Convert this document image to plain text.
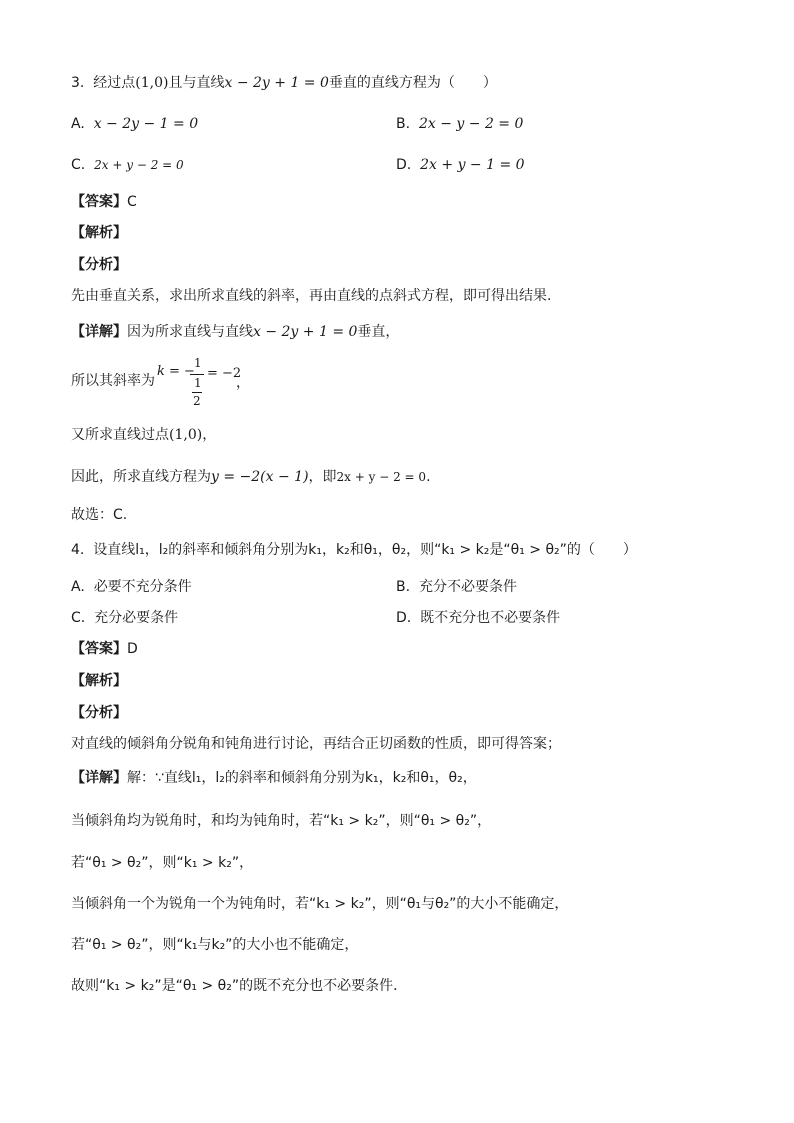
3. 经过点(1,0)且与直线x − 2y + 1 = 0垂直的直线方程为（　　）
A. x − 2y − 1 = 0	B. 2x − y − 2 = 0
C. 2x + y − 2 = 0	D. 2x + y − 1 = 0
【答案】C
【解析】
【分析】
先由垂直关系，求出所求直线的斜率，再由直线的点斜式方程，即可得出结果.
【详解】因为所求直线与直线x − 2y + 1 = 0垂直，
所以其斜率为
k = −
1
1
2
= −2
，
又所求直线过点(1,0)，
因此，所求直线方程为y = −2(x − 1)，即2x + y − 2 = 0.
故选：C.
4. 设直线l₁，l₂的斜率和倾斜角分别为k₁，k₂和θ₁，θ₂，则“k₁ > k₂是“θ₁ > θ₂”的（　　）
A. 必要不充分条件	B. 充分不必要条件
C. 充分必要条件	D. 既不充分也不必要条件
【答案】D
【解析】
【分析】
对直线的倾斜角分锐角和钝角进行讨论，再结合正切函数的性质，即可得答案；
【详解】解：∵直线l₁，l₂的斜率和倾斜角分别为k₁，k₂和θ₁，θ₂，
当倾斜角均为锐角时，和均为钝角时，若“k₁ > k₂”，则“θ₁ > θ₂”，
若“θ₁ > θ₂”，则“k₁ > k₂”，
当倾斜角一个为锐角一个为钝角时，若“k₁ > k₂”，则“θ₁与θ₂”的大小不能确定，
若“θ₁ > θ₂”，则“k₁与k₂”的大小也不能确定，
故则“k₁ > k₂”是“θ₁ > θ₂”的既不充分也不必要条件．
